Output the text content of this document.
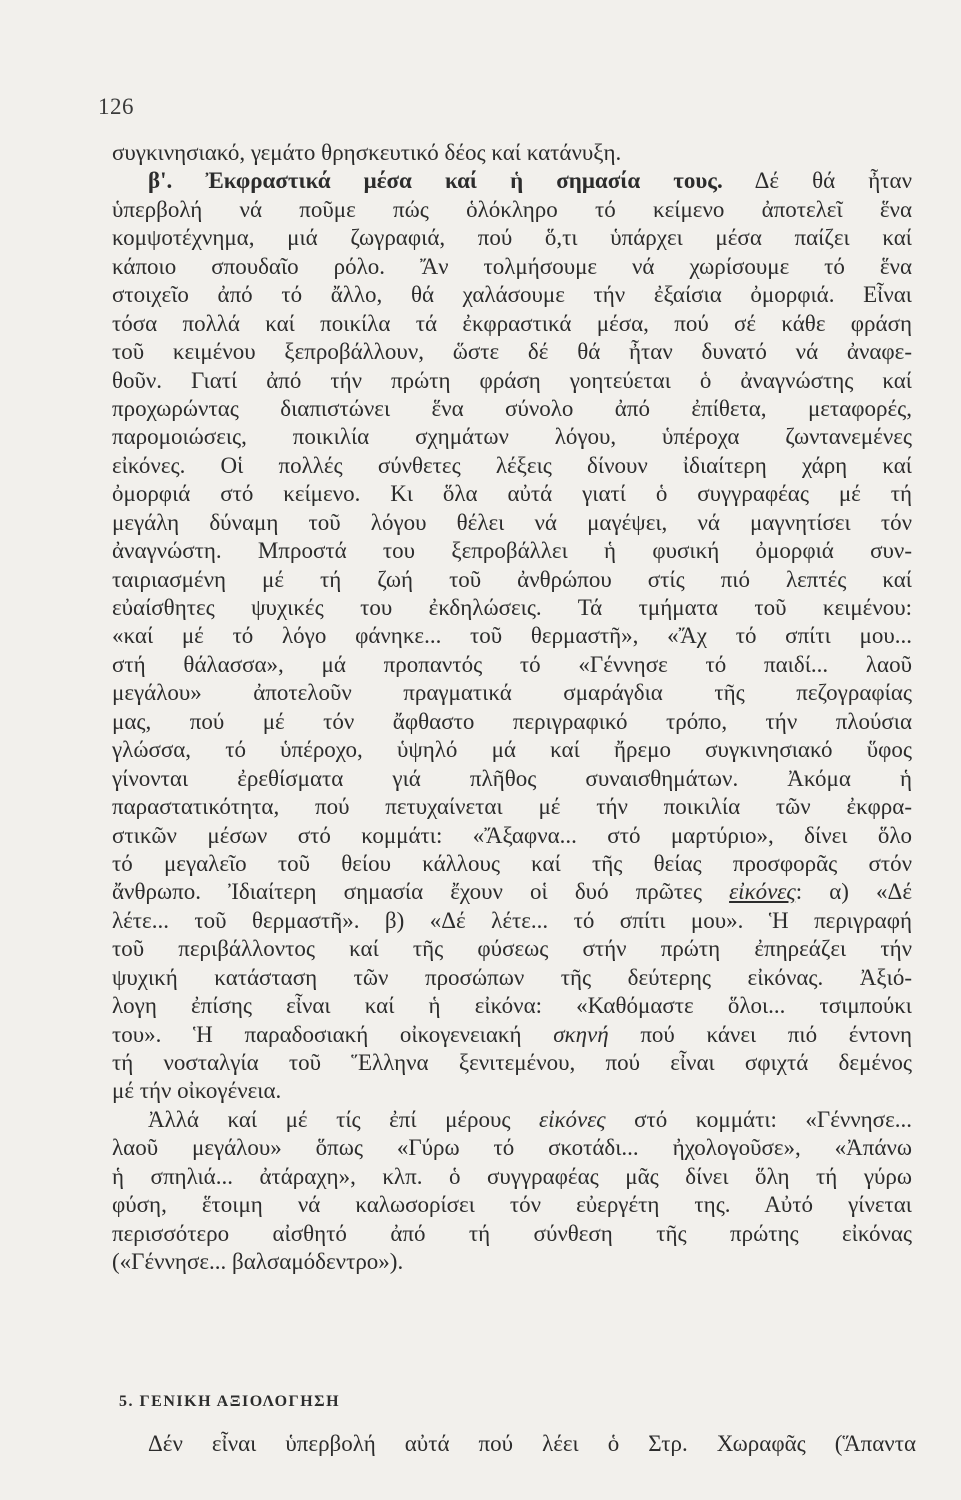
126
συγκινησιακό, γεμάτο θρησκευτικό δέος καί κατάνυξη.
β'. Ἐκφραστικά μέσα καί ἡ σημασία τους. Δέ θά ἦταν
ὑπερβολή νά ποῦμε πώς ὁλόκληρο τό κείμενο ἀποτελεῖ ἕνα
κομψοτέχνημα, μιά ζωγραφιά, πού ὅ,τι ὑπάρχει μέσα παίζει καί
κάποιο σπουδαῖο ρόλο. Ἄν τολμήσουμε νά χωρίσουμε τό ἕνα
στοιχεῖο ἀπό τό ἄλλο, θά χαλάσουμε τήν ἐξαίσια ὀμορφιά. Εἶναι
τόσα πολλά καί ποικίλα τά ἐκφραστικά μέσα, πού σέ κάθε φράση
τοῦ κειμένου ξεπροβάλλουν, ὥστε δέ θά ἦταν δυνατό νά ἀναφε-
θοῦν. Γιατί ἀπό τήν πρώτη φράση γοητεύεται ὁ ἀναγνώστης καί
προχωρώντας διαπιστώνει ἕνα σύνολο ἀπό ἐπίθετα, μεταφορές,
παρομοιώσεις, ποικιλία σχημάτων λόγου, ὑπέροχα ζωντανεμένες
εἰκόνες. Οἱ πολλές σύνθετες λέξεις δίνουν ἰδιαίτερη χάρη καί
ὀμορφιά στό κείμενο. Κι ὅλα αὐτά γιατί ὁ συγγραφέας μέ τή
μεγάλη δύναμη τοῦ λόγου θέλει νά μαγέψει, νά μαγνητίσει τόν
ἀναγνώστη. Μπροστά του ξεπροβάλλει ἡ φυσική ὀμορφιά συν-
ταιριασμένη μέ τή ζωή τοῦ ἀνθρώπου στίς πιό λεπτές καί
εὐαίσθητες ψυχικές του ἐκδηλώσεις. Τά τμήματα τοῦ κειμένου:
«καί μέ τό λόγο φάνηκε... τοῦ θερμαστῆ», «Ἄχ τό σπίτι μου...
στή θάλασσα», μά προπαντός τό «Γέννησε τό παιδί... λαοῦ
μεγάλου» ἀποτελοῦν πραγματικά σμαράγδια τῆς πεζογραφίας
μας, πού μέ τόν ἄφθαστο περιγραφικό τρόπο, τήν πλούσια
γλώσσα, τό ὑπέροχο, ὑψηλό μά καί ἤρεμο συγκινησιακό ὕφος
γίνονται ἐρεθίσματα γιά πλῆθος συναισθημάτων. Ἀκόμα ἡ
παραστατικότητα, πού πετυχαίνεται μέ τήν ποικιλία τῶν ἐκφρα-
στικῶν μέσων στό κομμάτι: «Ἄξαφνα... στό μαρτύριο», δίνει ὅλο
τό μεγαλεῖο τοῦ θείου κάλλους καί τῆς θείας προσφορᾶς στόν
ἄνθρωπο. Ἰδιαίτερη σημασία ἔχουν οἱ δυό πρῶτες εἰκόνες: α) «Δέ
λέτε... τοῦ θερμαστῆ». β) «Δέ λέτε... τό σπίτι μου». Ἡ περιγραφή
τοῦ περιβάλλοντος καί τῆς φύσεως στήν πρώτη ἐπηρεάζει τήν
ψυχική κατάσταση τῶν προσώπων τῆς δεύτερης εἰκόνας. Ἀξιό-
λογη ἐπίσης εἶναι καί ἡ εἰκόνα: «Καθόμαστε ὅλοι... τσιμπούκι
του». Ἡ παραδοσιακή οἰκογενειακή σκηνή πού κάνει πιό έντονη
τή νοσταλγία τοῦ Ἕλληνα ξενιτεμένου, πού εἶναι σφιχτά δεμένος
μέ τήν οἰκογένεια.
Ἀλλά καί μέ τίς ἐπί μέρους εἰκόνες στό κομμάτι: «Γέννησε...
λαοῦ μεγάλου» ὅπως «Γύρω τό σκοτάδι... ἠχολογοῦσε», «Ἀπάνω
ἡ σπηλιά... ἀτάραχη», κλπ. ὁ συγγραφέας μᾶς δίνει ὅλη τή γύρω
φύση, ἕτοιμη νά καλωσορίσει τόν εὐεργέτη της. Αὐτό γίνεται
περισσότερο αἰσθητό ἀπό τή σύνθεση τῆς πρώτης εἰκόνας
(«Γέννησε... βαλσαμόδεντρο»).
5. ΓΕΝΙΚΗ ΑΞΙΟΛΟΓΗΣΗ
Δέν εἶναι ὑπερβολή αὐτά πού λέει ὁ Στρ. Χωραφᾶς (Ἅπαντα
